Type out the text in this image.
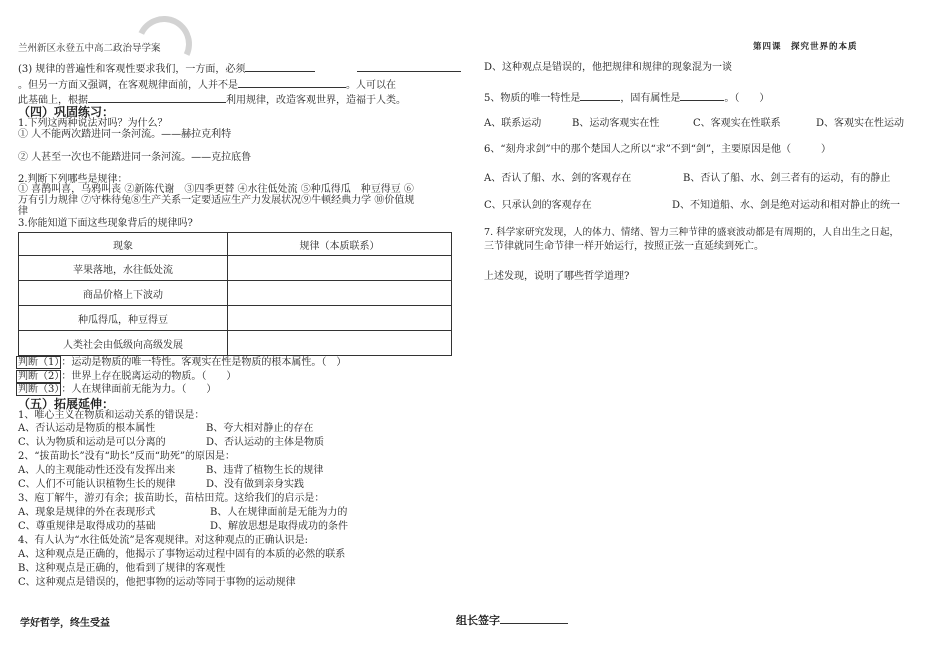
兰州新区永登五中高二政治导学案	第四课　探究世界的本质
(3) 规律的普遍性和客观性要求我们，一方面，必须
。但另一方面又强调，在客观规律面前，人并不是	。人可以在
此基础上，根据	利用规律，改造客观世界，造福于人类。
（四）巩固练习：
1.下列这两种说法对吗？为什么？
① 人不能两次踏进同一条河流。——赫拉克利特
② 人甚至一次也不能踏进同一条河流。——克拉底鲁
2.判断下列哪些是规律：
① 喜鹊叫喜，乌鸦叫丧 ②新陈代谢　③四季更替 ④水往低处流 ⑤种瓜得瓜　种豆得豆 ⑥
万有引力规律 ⑦守株待兔⑧生产关系一定要适应生产力发展状况⑨牛顿经典力学 ⑩价值规
律
3.你能知道下面这些现象背后的规律吗?
现象	规律（本质联系）
苹果落地，水往低处流	
商品价格上下波动	
种瓜得瓜，种豆得豆	
人类社会由低级向高级发展	
判断（1） ：运动是物质的唯一特性。客观实在性是物质的根本属性。（　）
判断（2） ：世界上存在脱离运动的物质。（　　）
判断（3） ：人在规律面前无能为力。（　　）
（五）拓展延伸：
1、唯心主义在物质和运动关系的错误是：
A、否认运动是物质的根本属性	B、夸大相对静止的存在
C、认为物质和运动是可以分离的	D、否认运动的主体是物质
2、“拔苗助长”没有“助长”反而“助死”的原因是：
A、人的主观能动性还没有发挥出来	B、违背了植物生长的规律
C、人们不可能认识植物生长的规律	D、没有做到亲身实践
3、庖丁解牛，游刃有余；拔苗助长，苗枯田荒。这给我们的启示是：
A、现象是规律的外在表现形式	B、人在规律面前是无能为力的
C、尊重规律是取得成功的基础	D、解放思想是取得成功的条件
4、有人认为“水往低处流”是客观规律。对这种观点的正确认识是:
A、这种观点是正确的，他揭示了事物运动过程中固有的本质的必然的联系
B、这种观点是正确的，他看到了规律的客观性
C、这种观点是错误的，他把事物的运动等同于事物的运动规律
D、这种观点是错误的，他把规律和规律的现象混为一谈
5、物质的唯一特性是	，固有属性是	。（　　）
A、联系运动	B、运动客观实在性	C、客观实在性联系	D、客观实在性运动
6、“刻舟求剑”中的那个楚国人之所以“求”不到“剑”，主要原因是他（　　　）
A、否认了船、水、剑的客观存在	B、否认了船、水、剑三者有的运动，有的静止
C、只承认剑的客观存在	D、不知道船、水、剑是绝对运动和相对静止的统一
7. 科学家研究发现，人的体力、情绪、智力三种节律的盛衰波动都是有周期的，人自出生之日起，
三节律就同生命节律一样开始运行，按照正弦一直延续到死亡。
上述发现，说明了哪些哲学道理?
学好哲学，终生受益	组长签字
